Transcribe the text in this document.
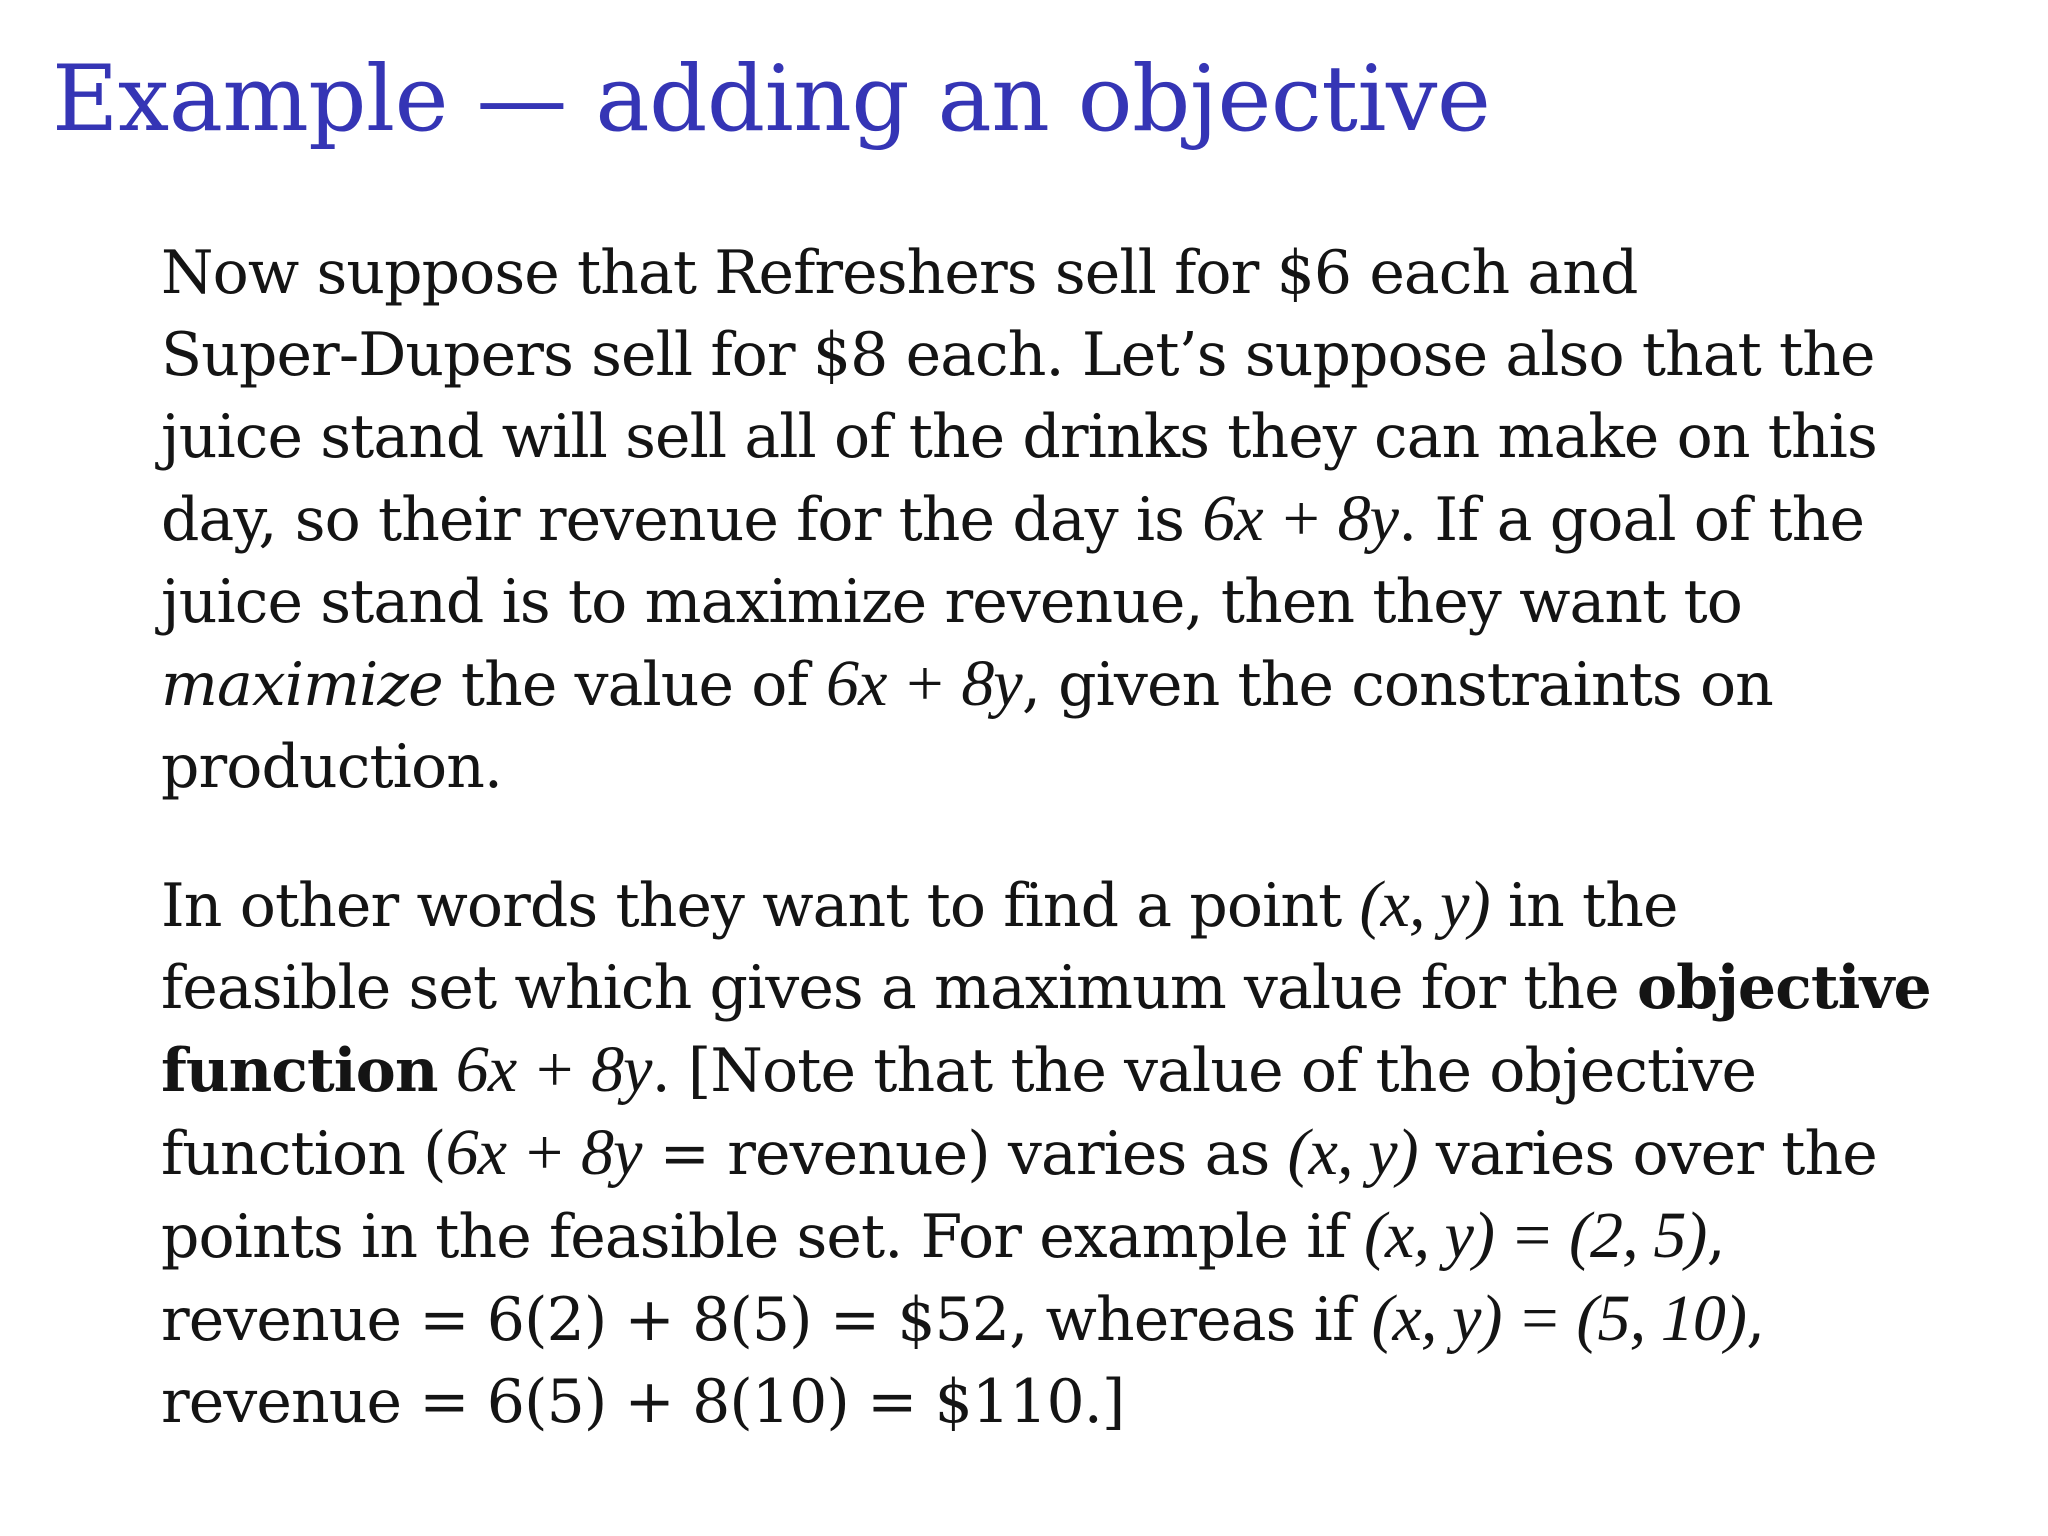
Example — adding an objective
Now suppose that Refreshers sell for $6 each and
Super-Dupers sell for $8 each. Let’s suppose also that the
juice stand will sell all of the drinks they can make on this
day, so their revenue for the day is 6x + 8y. If a goal of the
juice stand is to maximize revenue, then they want to
maximize the value of 6x + 8y, given the constraints on
production.
In other words they want to find a point (x, y) in the
feasible set which gives a maximum value for the objective
function 6x + 8y. [Note that the value of the objective
function (6x + 8y = revenue) varies as (x, y) varies over the
points in the feasible set. For example if (x, y) = (2, 5),
revenue = 6(2) + 8(5) = $52, whereas if (x, y) = (5, 10),
revenue = 6(5) + 8(10) = $110.]
